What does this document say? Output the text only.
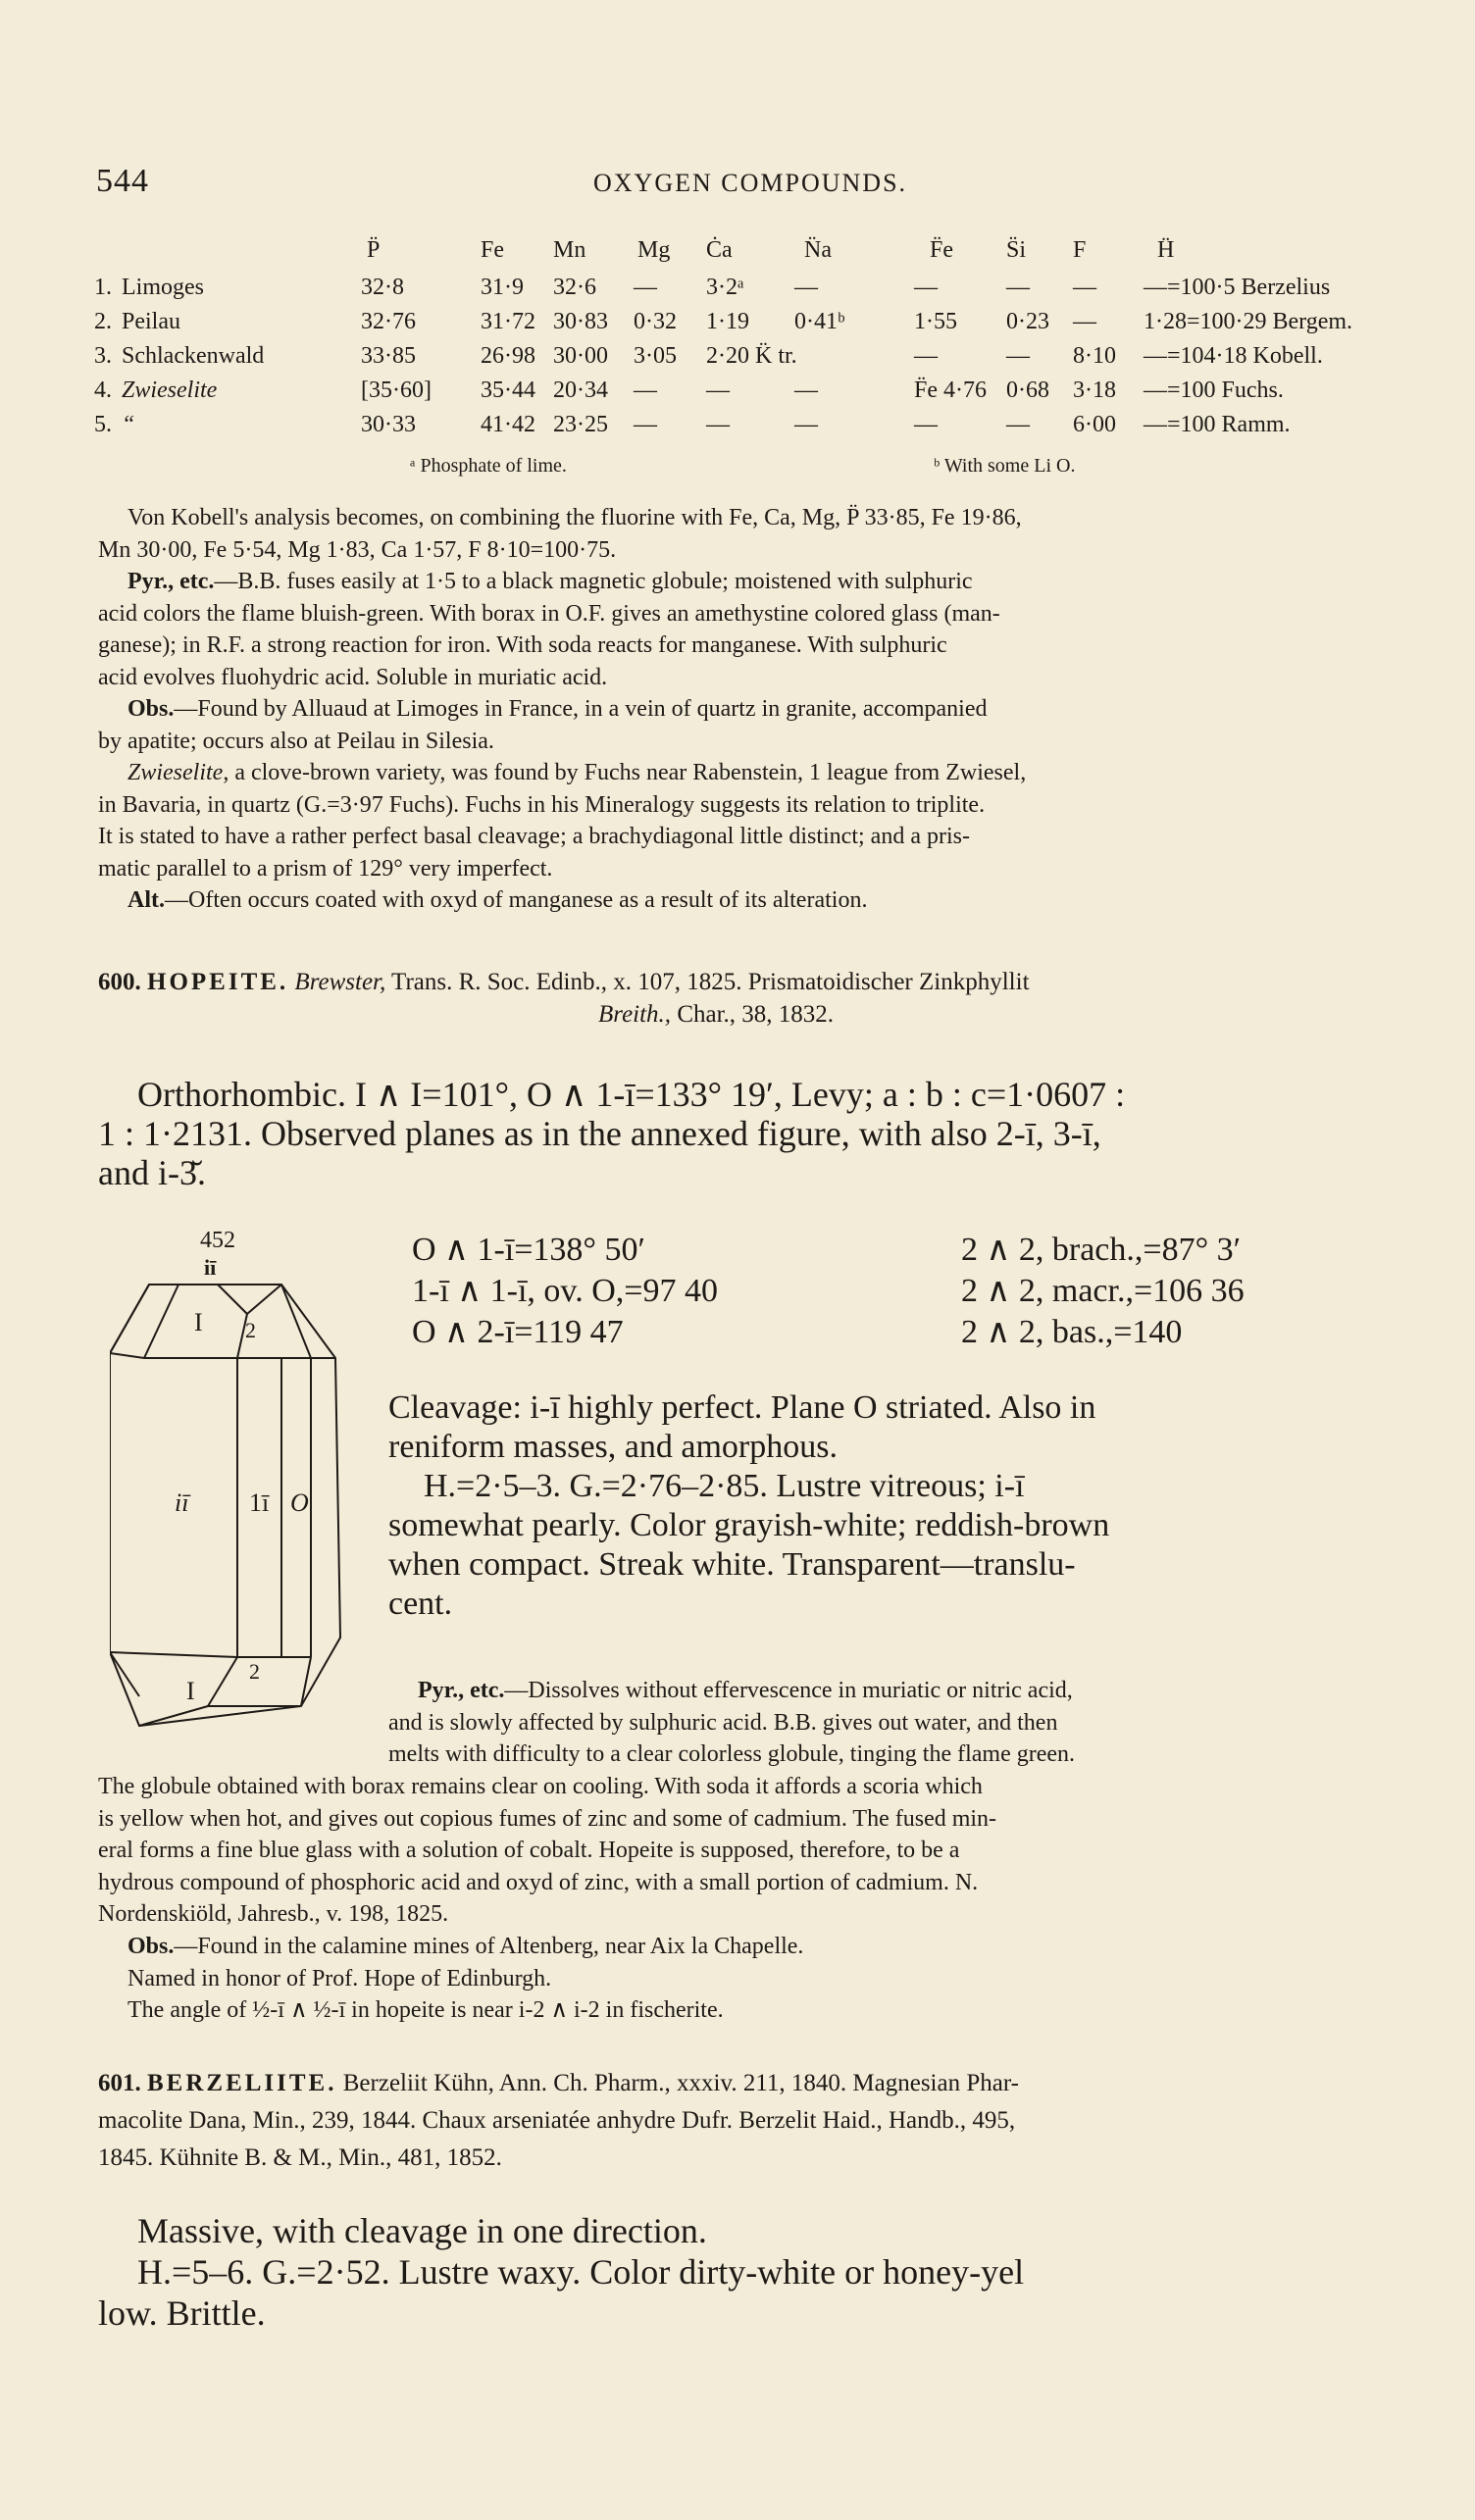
544	OXYGEN COMPOUNDS.
P̈	Fe Mn Mg Ċa	N̈a	F̈e S̈i F	Ḧ
1. Limoges	32·8	31·9 32·6 — 3·2ᵃ —	—	— — —=100·5 Berzelius
2. Peilau	32·76	31·72 30·83 0·32 1·19 0·41ᵇ	1·55 0·23 — 1·28=100·29 Bergem.
3. Schlackenwald	33·85	26·98 30·00 3·05 2·20 K̈ tr.	—	— 8·10 —=104·18 Kobell.
4. Zwieselite	[35·60] 35·44 20·34 — —	—	F̈e 4·76 0·68 3·18 —=100 Fuchs.
5. “	30·33	41·42 23·25 — —	—	—	— 6·00 —=100 Ramm.
ᵃ Phosphate of lime.	ᵇ With some Li O.
Von Kobell's analysis becomes, on combining the fluorine with Fe, Ca, Mg, P̈ 33·85, Fe 19·86,
Mn 30·00, Fe 5·54, Mg 1·83, Ca 1·57, F 8·10=100·75.
Pyr., etc.—B.B. fuses easily at 1·5 to a black magnetic globule; moistened with sulphuric
acid colors the flame bluish-green. With borax in O.F. gives an amethystine colored glass (man-
ganese); in R.F. a strong reaction for iron. With soda reacts for manganese. With sulphuric
acid evolves fluohydric acid. Soluble in muriatic acid.
Obs.—Found by Alluaud at Limoges in France, in a vein of quartz in granite, accompanied
by apatite; occurs also at Peilau in Silesia.
Zwieselite, a clove-brown variety, was found by Fuchs near Rabenstein, 1 league from Zwiesel,
in Bavaria, in quartz (G.=3·97 Fuchs). Fuchs in his Mineralogy suggests its relation to triplite.
It is stated to have a rather perfect basal cleavage; a brachydiagonal little distinct; and a pris-
matic parallel to a prism of 129° very imperfect.
Alt.—Often occurs coated with oxyd of manganese as a result of its alteration.
600. HOPEITE. Brewster, Trans. R. Soc. Edinb., x. 107, 1825. Prismatoidischer Zinkphyllit
Breith., Char., 38, 1832.
Orthorhombic. I ∧ I=101°, O ∧ 1-ī=133° 19′, Levy; a : b : c=1·0607 :
1 : 1·2131. Observed planes as in the annexed figure, with also 2-ī, 3-ī,
and i-3̆.
452
iī
I 2
iī 1ī O
I
2
O ∧ 1-ī=138° 50′
1-ī ∧ 1-ī, ov. O,=97 40
O ∧ 2-ī=119 47
2 ∧ 2, brach.,=87° 3′
2 ∧ 2, macr.,=106 36
2 ∧ 2, bas.,=140
Cleavage: i-ī highly perfect. Plane O striated. Also in
reniform masses, and amorphous.
H.=2·5–3. G.=2·76–2·85. Lustre vitreous; i-ī
somewhat pearly. Color grayish-white; reddish-brown
when compact. Streak white. Transparent—translu-
cent.
Pyr., etc.—Dissolves without effervescence in muriatic or nitric acid,
and is slowly affected by sulphuric acid. B.B. gives out water, and then
melts with difficulty to a clear colorless globule, tinging the flame green.
The globule obtained with borax remains clear on cooling. With soda it affords a scoria which
is yellow when hot, and gives out copious fumes of zinc and some of cadmium. The fused min-
eral forms a fine blue glass with a solution of cobalt. Hopeite is supposed, therefore, to be a
hydrous compound of phosphoric acid and oxyd of zinc, with a small portion of cadmium. N.
Nordenskiöld, Jahresb., v. 198, 1825.
Obs.—Found in the calamine mines of Altenberg, near Aix la Chapelle.
Named in honor of Prof. Hope of Edinburgh.
The angle of ½-ī ∧ ½-ī in hopeite is near i-2 ∧ i-2 in fischerite.
601. BERZELIITE. Berzeliit Kühn, Ann. Ch. Pharm., xxxiv. 211, 1840. Magnesian Phar-
macolite Dana, Min., 239, 1844. Chaux arseniatée anhydre Dufr. Berzelit Haid., Handb., 495,
1845. Kühnite B. & M., Min., 481, 1852.
Massive, with cleavage in one direction.
H.=5–6. G.=2·52. Lustre waxy. Color dirty-white or honey-yel
low. Brittle.
